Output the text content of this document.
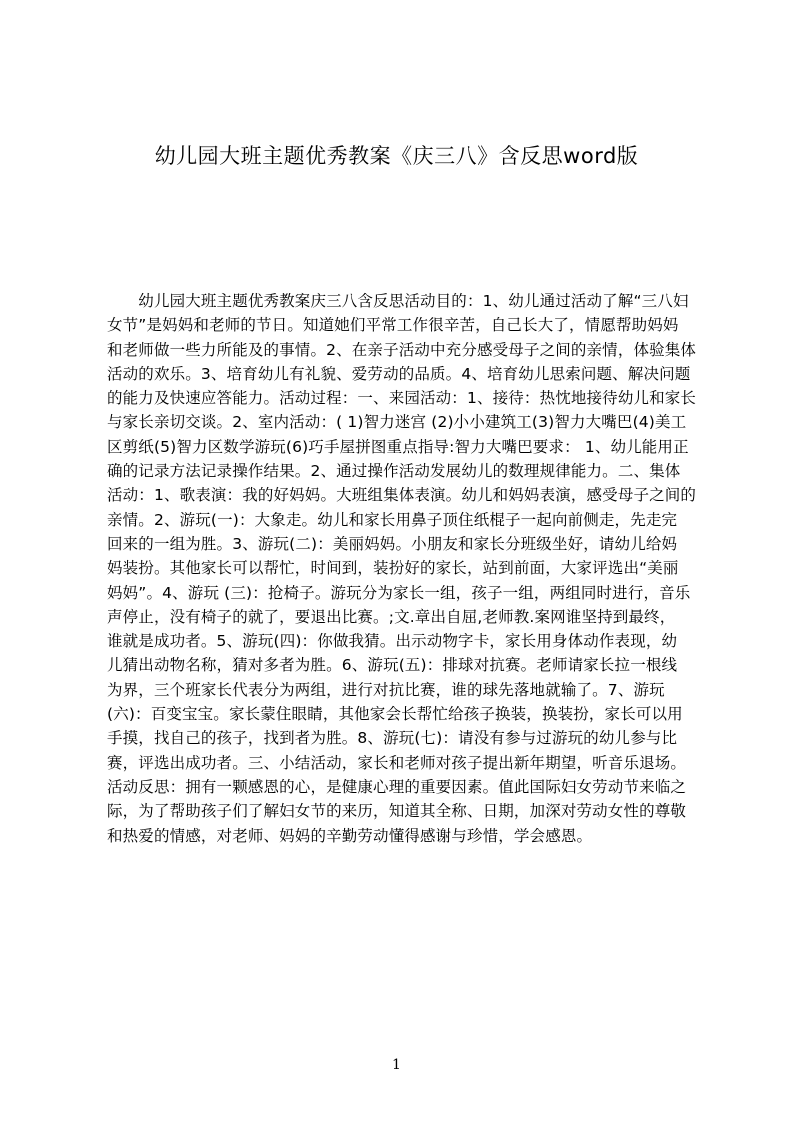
幼儿园大班主题优秀教案《庆三八》含反思word版
　　幼儿园大班主题优秀教案庆三八含反思活动目的：1、幼儿通过活动了解“三八妇
女节”是妈妈和老师的节日。知道她们平常工作很辛苦，自己长大了，情愿帮助妈妈
和老师做一些力所能及的事情。2、在亲子活动中充分感受母子之间的亲情，体验集体
活动的欢乐。3、培育幼儿有礼貌、爱劳动的品质。4、培育幼儿思索问题、解决问题
的能力及快速应答能力。活动过程：一、来园活动：1、接待：热忱地接待幼儿和家长
与家长亲切交谈。2、室内活动：( 1)智力迷宫 (2)小小建筑工(3)智力大嘴巴(4)美工
区剪纸(5)智力区数学游玩(6)巧手屋拼图重点指导:智力大嘴巴要求： 1、幼儿能用正
确的记录方法记录操作结果。2、通过操作活动发展幼儿的数理规律能力。二、集体
活动：1、歌表演：我的好妈妈。大班组集体表演。幼儿和妈妈表演，感受母子之间的
亲情。2、游玩(一)：大象走。幼儿和家长用鼻子顶住纸棍子一起向前侧走，先走完
回来的一组为胜。3、游玩(二)：美丽妈妈。小朋友和家长分班级坐好，请幼儿给妈
妈装扮。其他家长可以帮忙，时间到，装扮好的家长，站到前面，大家评选出“美丽
妈妈”。4、游玩 (三)：抢椅子。游玩分为家长一组，孩子一组，两组同时进行，音乐
声停止，没有椅子的就了，要退出比赛。;文.章出自屈,老师教.案网谁坚持到最终，
谁就是成功者。5、游玩(四)：你做我猜。出示动物字卡，家长用身体动作表现，幼
儿猜出动物名称，猜对多者为胜。6、游玩(五)：排球对抗赛。老师请家长拉一根线
为界，三个班家长代表分为两组，进行对抗比赛，谁的球先落地就输了。7、游玩
(六)：百变宝宝。家长蒙住眼睛，其他家会长帮忙给孩子换装，换装扮，家长可以用
手摸，找自己的孩子，找到者为胜。8、游玩(七)：请没有参与过游玩的幼儿参与比
赛，评选出成功者。三、小结活动，家长和老师对孩子提出新年期望，听音乐退场。
活动反思：拥有一颗感恩的心，是健康心理的重要因素。值此国际妇女劳动节来临之
际，为了帮助孩子们了解妇女节的来历，知道其全称、日期，加深对劳动女性的尊敬
和热爱的情感，对老师、妈妈的辛勤劳动懂得感谢与珍惜，学会感恩。
1
